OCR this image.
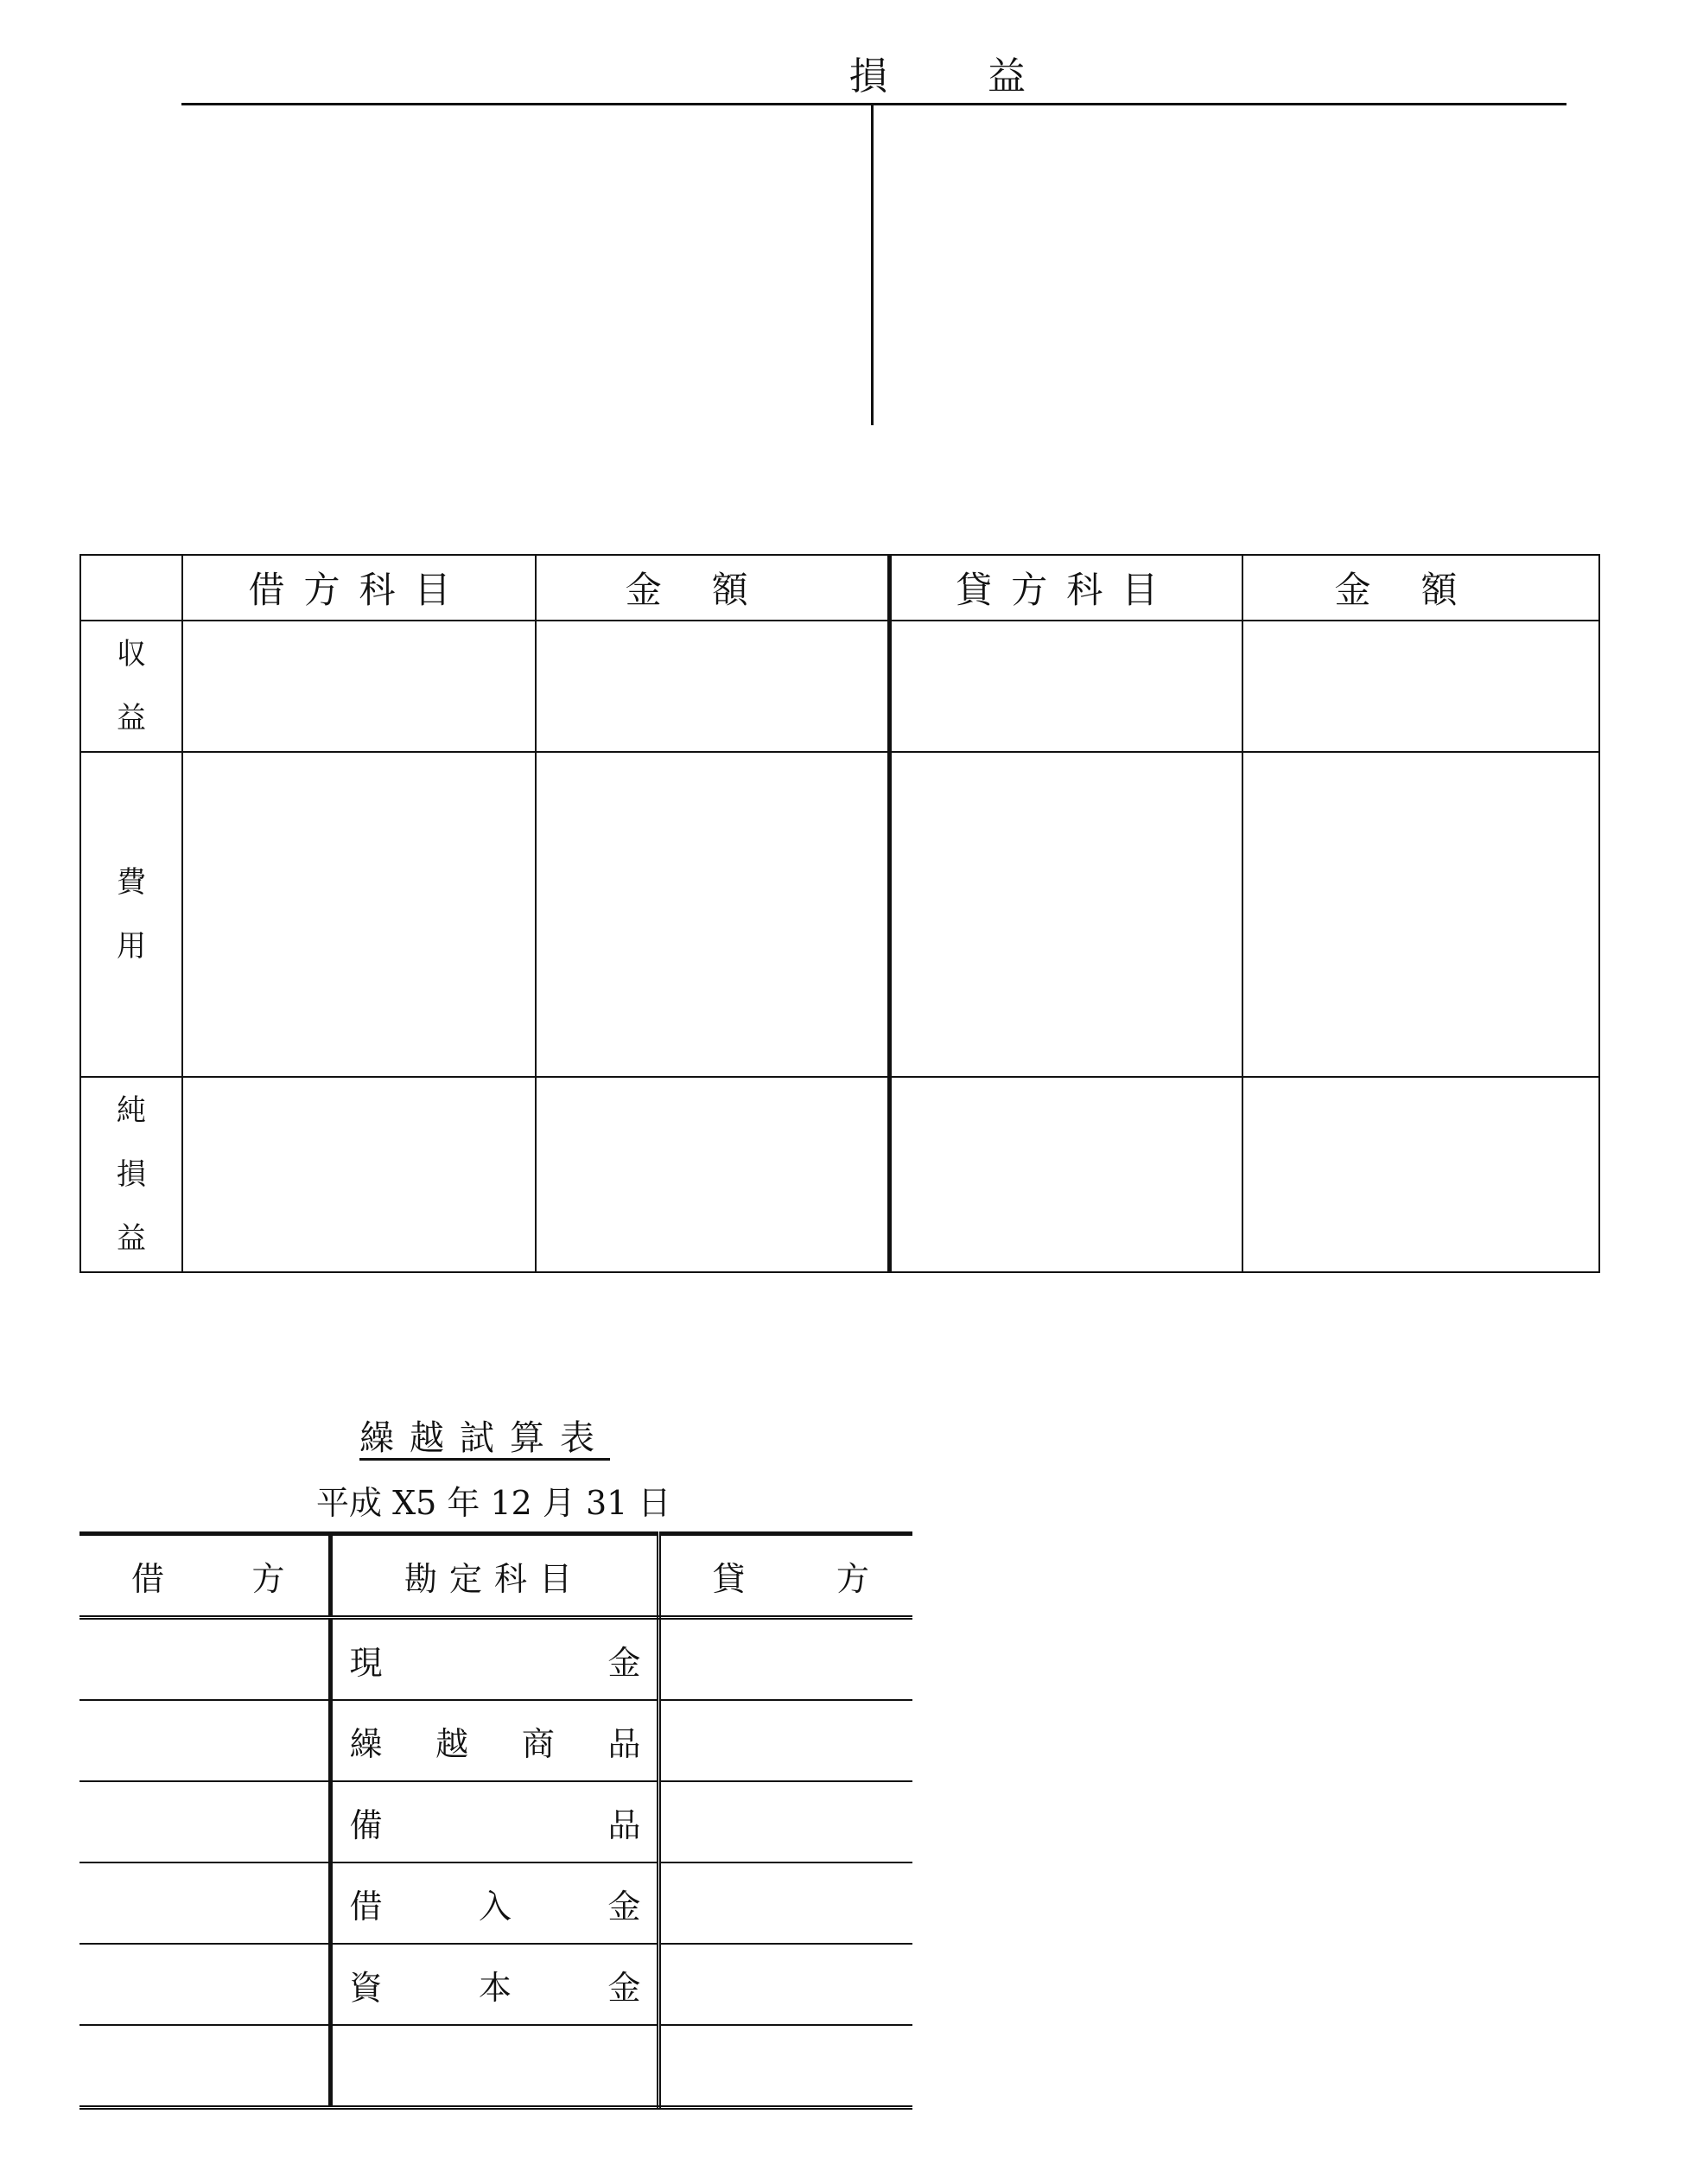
損	益
	借方科目	金額	貸方科目	金額

収
益				

費
用				

純
損
益				

繰越試算表
平成 X5 年 12 月 31 日
借 方	勘定科目	貸 方

	現 金	

	繰 越 商 品	

	備 品	

	借 入 金	

	資 本 金	
